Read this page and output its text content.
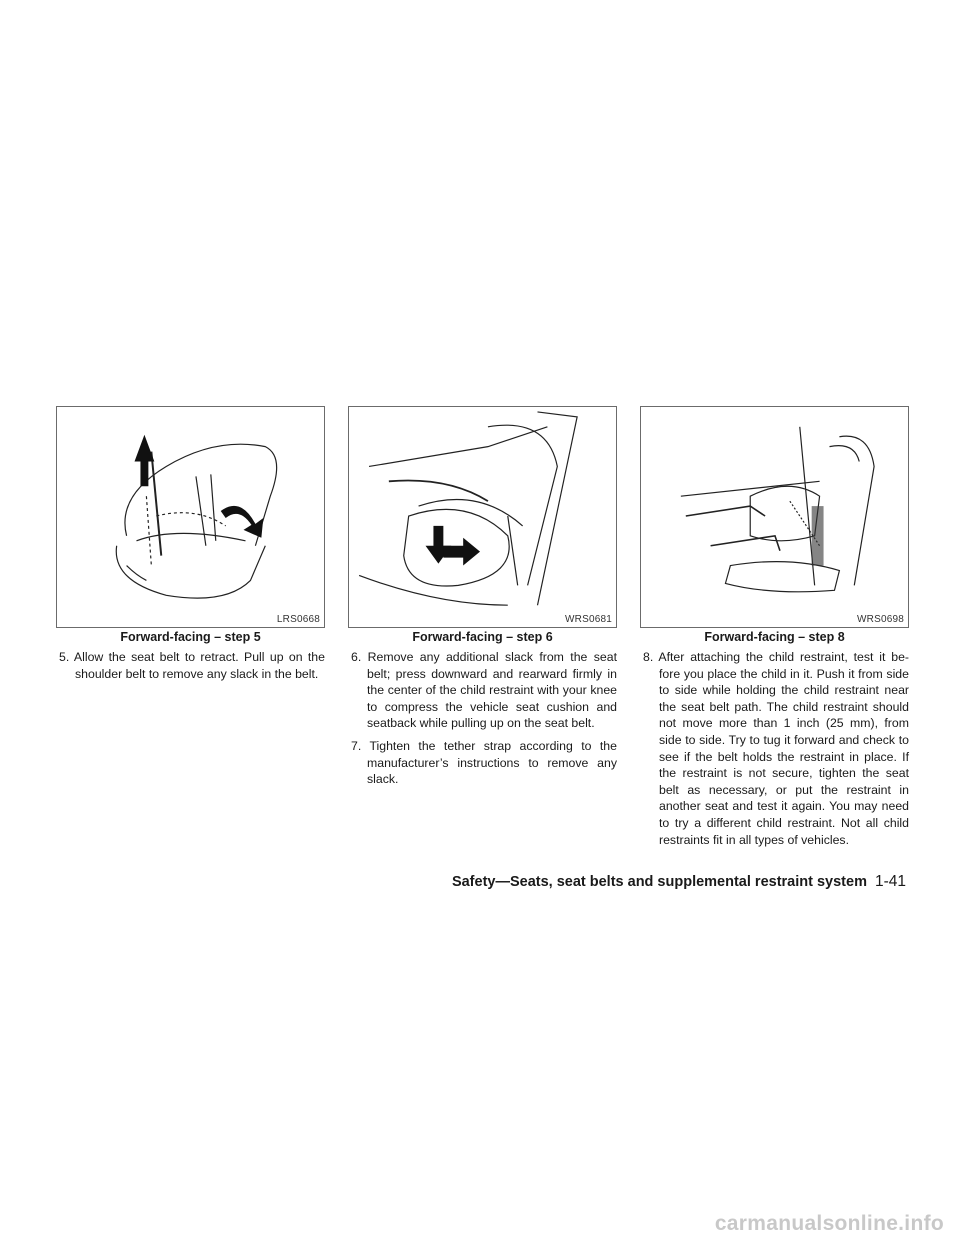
LRS0668
Forward-facing – step 5
WRS0681
Forward-facing – step 6
WRS0698
Forward-facing – step 8

5. Allow the seat belt to retract. Pull up on the shoulder belt to remove any slack in the belt.

6. Remove any additional slack from the seat belt; press downward and rearward firmly in the center of the child restraint with your knee to compress the vehicle seat cushion and seatback while pulling up on the seat belt.

7. Tighten the tether strap according to the manufacturer’s instructions to remove any slack.

8. After attaching the child restraint, test it be-fore you place the child in it. Push it from side to side while holding the child restraint near the seat belt path. The child restraint should not move more than 1 inch (25 mm), from side to side. Try to tug it forward and check to see if the belt holds the restraint in place. If the restraint is not secure, tighten the seat belt as necessary, or put the restraint in another seat and test it again. You may need to try a different child restraint. Not all child restraints fit in all types of vehicles.

Safety—Seats, seat belts and supplemental restraint system 1-41
carmanualsonline.info
